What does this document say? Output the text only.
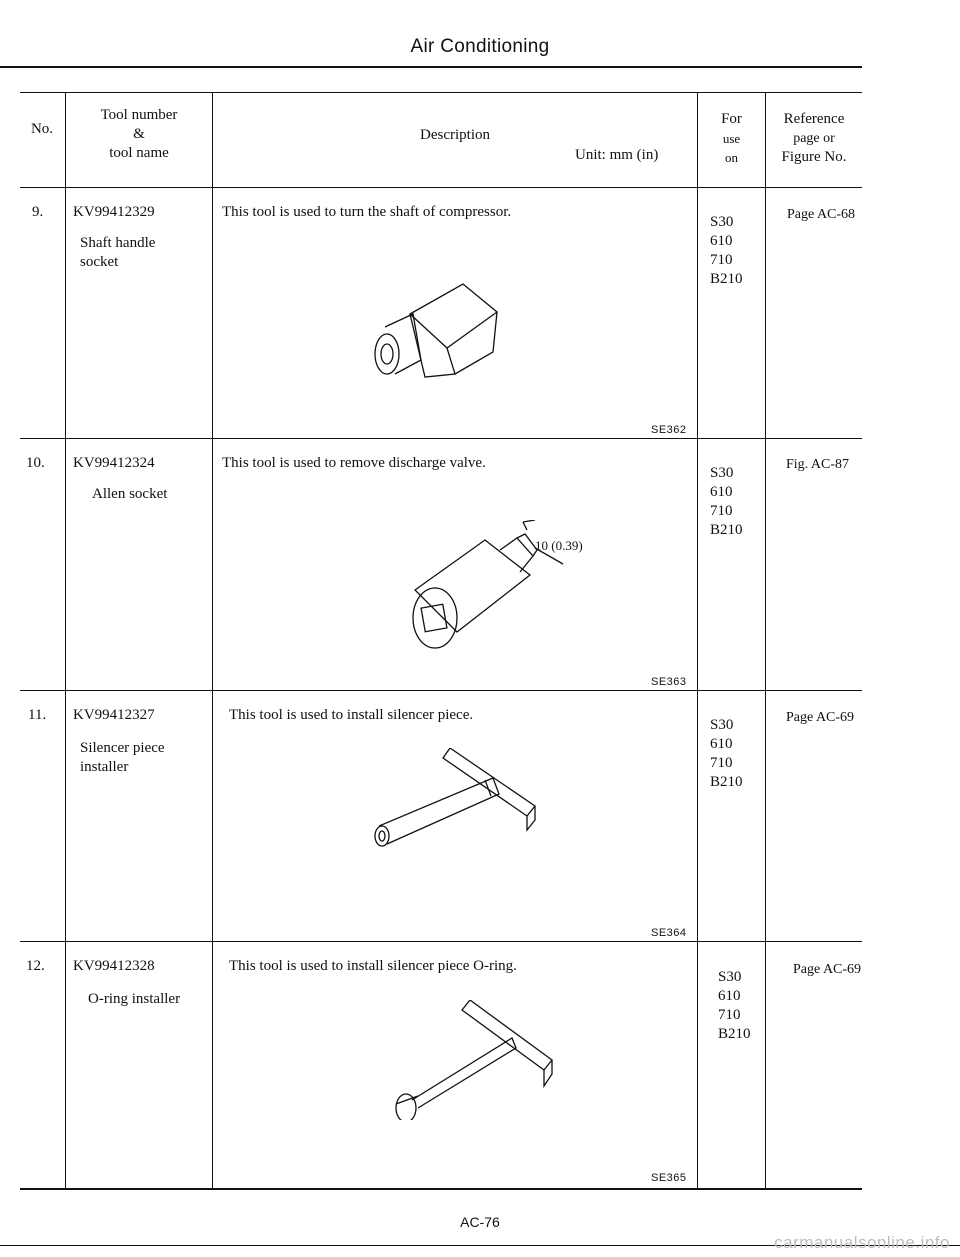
Air Conditioning
No.
Tool number
&
tool name
Description
Unit: mm (in)
For
use
on
Reference
page or
Figure No.
9. KV99412329
Shaft handle
socket
This tool is used to turn the shaft of compressor.
S30
610
710
B210
Page AC-68
SE362
10. KV99412324
Allen socket
This tool is used to remove discharge valve.
S30
610
710
B210
Fig. AC-87
10 (0.39)
SE363
11. KV99412327
Silencer piece
installer
This tool is used to install silencer piece.
S30
610
710
B210
Page AC-69
SE364
12. KV99412328
O-ring installer
This tool is used to install silencer piece O-ring.
S30
610
710
B210
Page AC-69
SE365
AC-76
carmanualsonline.info
